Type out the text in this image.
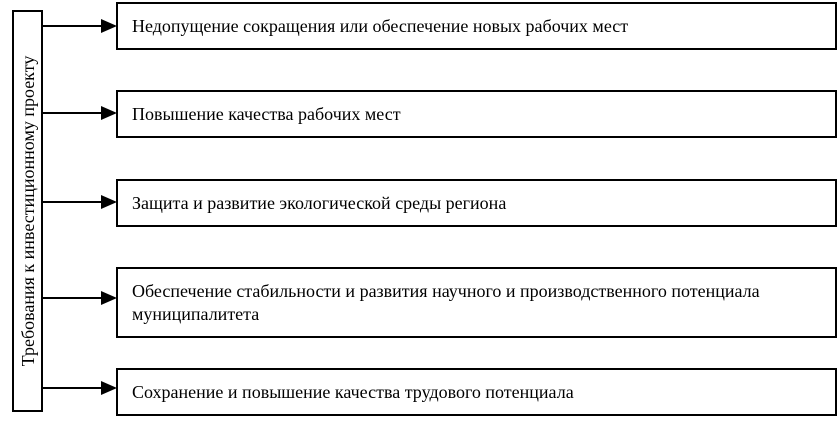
Требования к инвестиционному проекту
Недопущение сокращения или обеспечение новых рабочих мест
Повышение качества рабочих мест
Защита и развитие экологической среды региона
Обеспечение стабильности и развития научного и производственного потенциала муниципалитета
Сохранение и повышение качества трудового потенциала
